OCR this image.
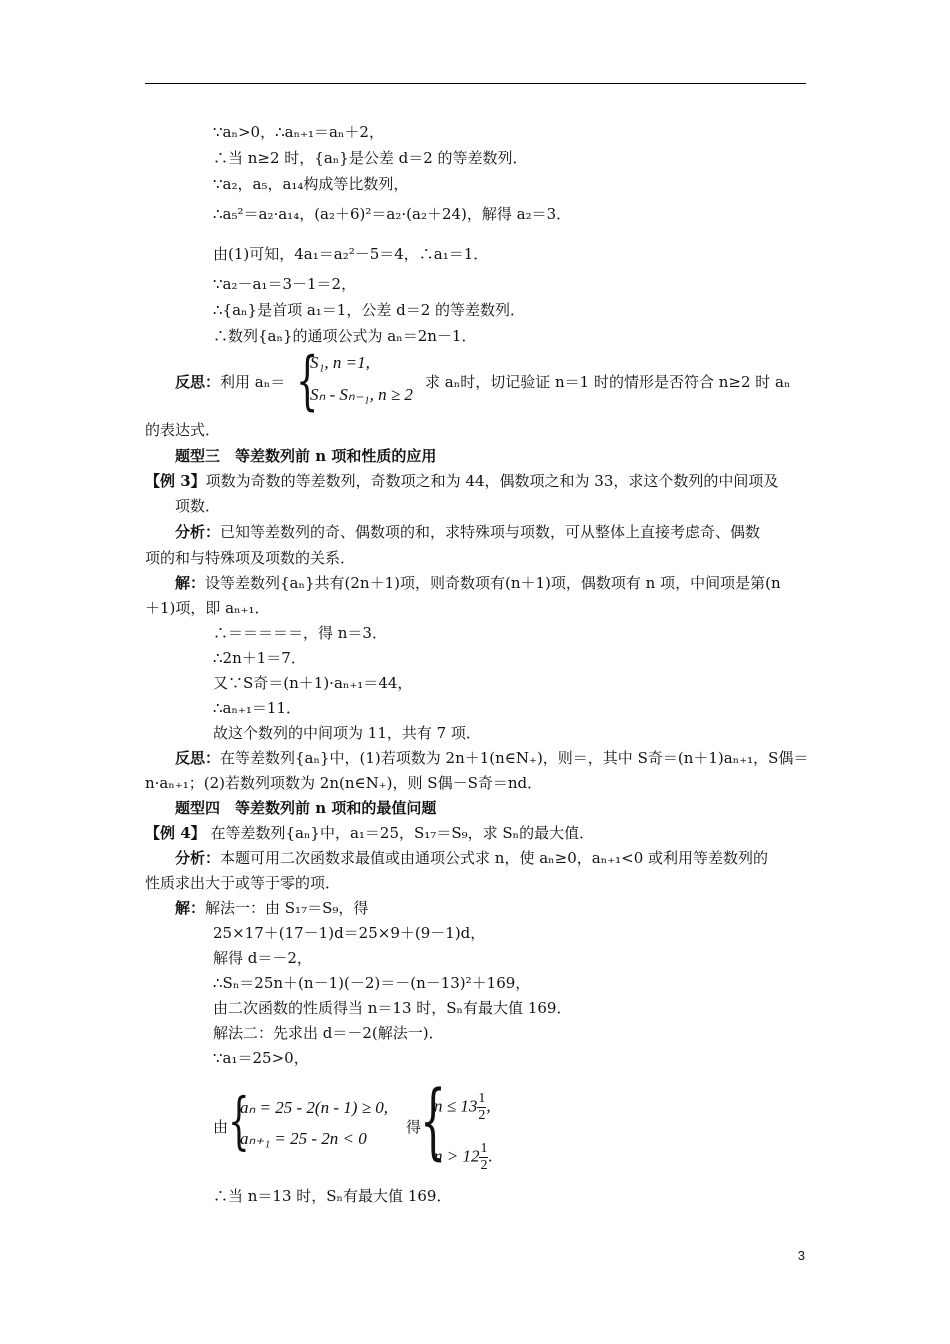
∵aₙ>0，∴aₙ₊₁＝aₙ＋2，
∴当 n≥2 时，{aₙ}是公差 d＝2 的等差数列．
∵a₂，a₅，a₁₄构成等比数列，
∴a₅²＝a₂·a₁₄，(a₂＋6)²＝a₂·(a₂＋24)，解得 a₂＝3．
由(1)可知，4a₁＝a₂²－5＝4，∴a₁＝1．
∵a₂－a₁＝3－1＝2，
∴{aₙ}是首项 a₁＝1，公差 d＝2 的等差数列．
∴数列{aₙ}的通项公式为 aₙ＝2n－1．
反思：利用 aₙ＝ {
S₁, n =1,
Sₙ - Sₙ₋₁, n ≥ 2
求 aₙ时，切记验证 n＝1 时的情形是否符合 n≥2 时 aₙ
的表达式．
题型三　等差数列前 n 项和性质的应用
【例 3】项数为奇数的等差数列，奇数项之和为 44，偶数项之和为 33，求这个数列的中间项及
项数．
分析：已知等差数列的奇、偶数项的和，求特殊项与项数，可从整体上直接考虑奇、偶数
项的和与特殊项及项数的关系．
解：设等差数列{aₙ}共有(2n＋1)项，则奇数项有(n＋1)项，偶数项有 n 项，中间项是第(n
＋1)项，即 aₙ₊₁．
∴＝＝＝＝＝，得 n＝3．
∴2n＋1＝7．
又∵S奇＝(n＋1)·aₙ₊₁＝44，
∴aₙ₊₁＝11．
故这个数列的中间项为 11，共有 7 项．
反思：在等差数列{aₙ}中，(1)若项数为 2n＋1(n∈N₊)，则＝，其中 S奇＝(n＋1)aₙ₊₁，S偶＝
n·aₙ₊₁；(2)若数列项数为 2n(n∈N₊)，则 S偶－S奇＝nd．
题型四　等差数列前 n 项和的最值问题
【例 4】 在等差数列{aₙ}中，a₁＝25，S₁₇＝S₉，求 Sₙ的最大值．
分析：本题可用二次函数求最值或由通项公式求 n，使 aₙ≥0，aₙ₊₁<0 或利用等差数列的
性质求出大于或等于零的项．
解：解法一：由 S₁₇＝S₉，得
25×17＋(17－1)d＝25×9＋(9－1)d，
解得 d＝－2，
∴Sₙ＝25n＋(n－1)(－2)＝－(n－13)²＋169，
由二次函数的性质得当 n＝13 时，Sₙ有最大值 169．
解法二：先求出 d＝－2(解法一)．
∵a₁＝25>0，
由 {
aₙ = 25 - 2(n - 1) ≥ 0,
aₙ₊₁ = 25 - 2n < 0
得
{
$n \le 13 \frac{1}{2}$ ,
$n > 12 \frac{1}{2}$ .
∴当 n＝13 时，Sₙ有最大值 169．
3
